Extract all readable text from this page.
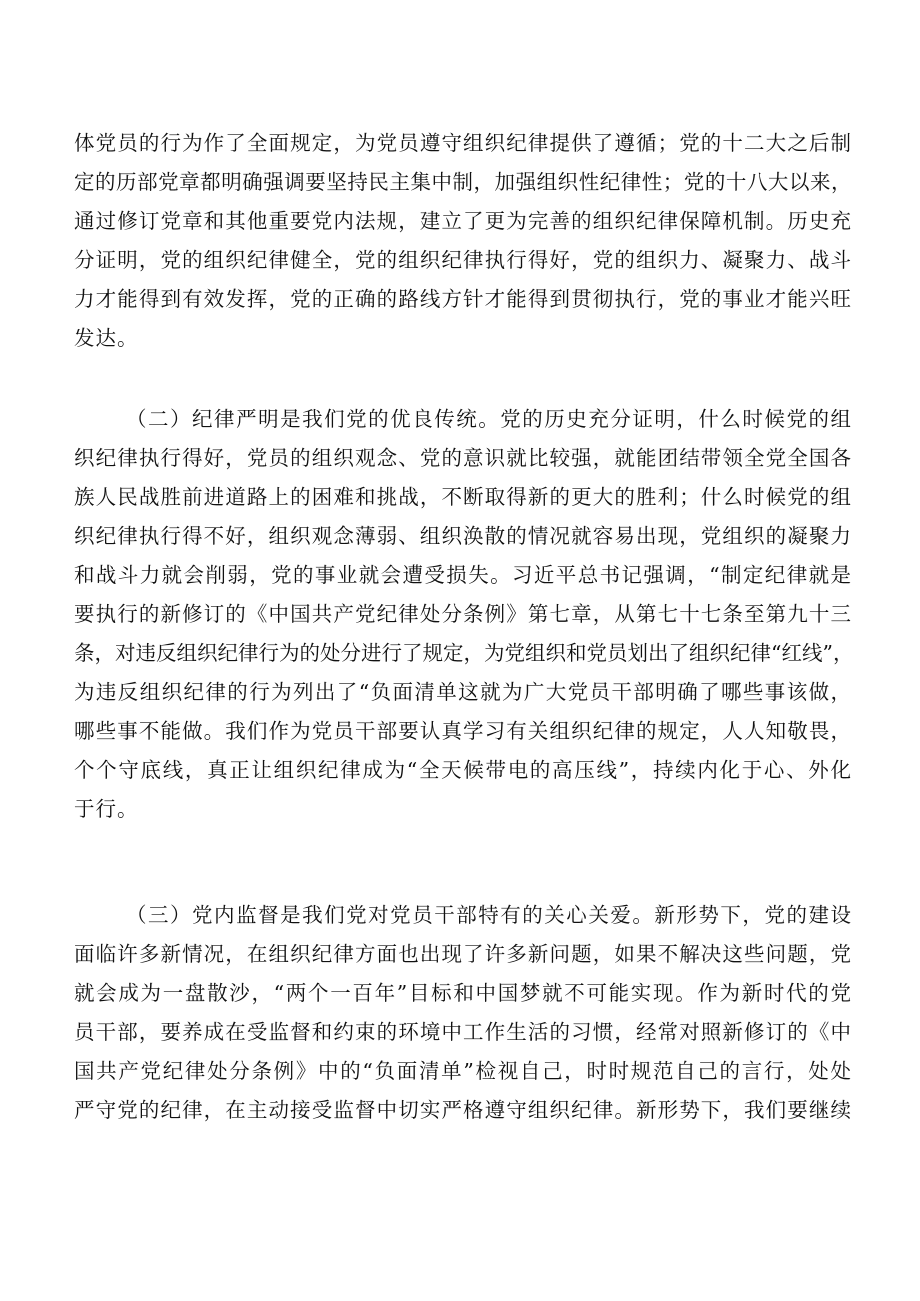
体党员的行为作了全面规定，为党员遵守组织纪律提供了遵循；党的十二大之后制
定的历部党章都明确强调要坚持民主集中制，加强组织性纪律性；党的十八大以来，
通过修订党章和其他重要党内法规，建立了更为完善的组织纪律保障机制。历史充
分证明，党的组织纪律健全，党的组织纪律执行得好，党的组织力、凝聚力、战斗
力才能得到有效发挥，党的正确的路线方针才能得到贯彻执行，党的事业才能兴旺
发达。
（二）纪律严明是我们党的优良传统。党的历史充分证明，什么时候党的组
织纪律执行得好，党员的组织观念、党的意识就比较强，就能团结带领全党全国各
族人民战胜前进道路上的困难和挑战，不断取得新的更大的胜利；什么时候党的组
织纪律执行得不好，组织观念薄弱、组织涣散的情况就容易出现，党组织的凝聚力
和战斗力就会削弱，党的事业就会遭受损失。习近平总书记强调，“制定纪律就是
要执行的新修订的《中国共产党纪律处分条例》第七章，从第七十七条至第九十三
条，对违反组织纪律行为的处分进行了规定，为党组织和党员划出了组织纪律“红线”，
为违反组织纪律的行为列出了“负面清单这就为广大党员干部明确了哪些事该做，
哪些事不能做。我们作为党员干部要认真学习有关组织纪律的规定，人人知敬畏，
个个守底线，真正让组织纪律成为“全天候带电的高压线”，持续内化于心、外化
于行。
（三）党内监督是我们党对党员干部特有的关心关爱。新形势下，党的建设
面临许多新情况，在组织纪律方面也出现了许多新问题，如果不解决这些问题，党
就会成为一盘散沙，“两个一百年”目标和中国梦就不可能实现。作为新时代的党
员干部，要养成在受监督和约束的环境中工作生活的习惯，经常对照新修订的《中
国共产党纪律处分条例》中的“负面清单”检视自己，时时规范自己的言行，处处
严守党的纪律，在主动接受监督中切实严格遵守组织纪律。新形势下，我们要继续
